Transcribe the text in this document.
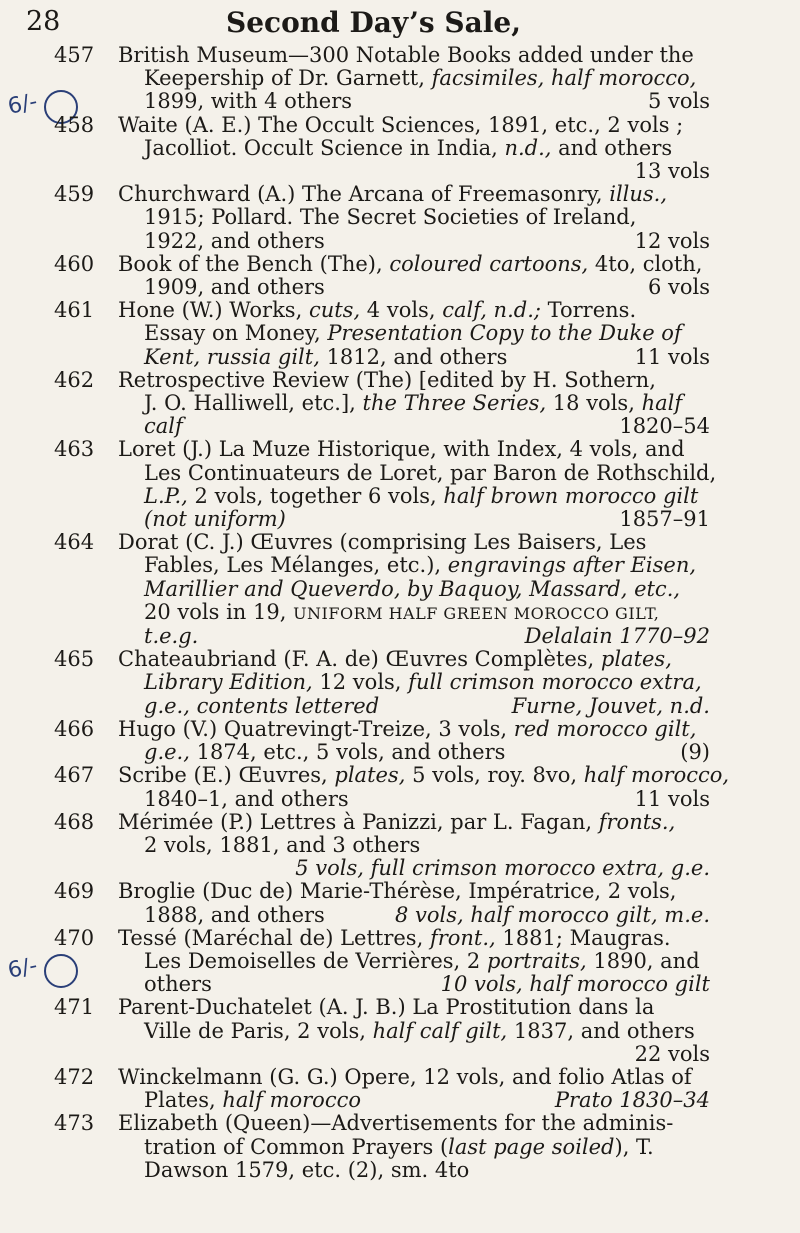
28	Second Day’s Sale,
6/-
6/-
457 British Museum—300 Notable Books added under the
Keepership of Dr. Garnett, facsimiles, half morocco,
1899, with 4 others	5 vols
458 Waite (A. E.) The Occult Sciences, 1891, etc., 2 vols ;
Jacolliot. Occult Science in India, n.d., and others
13 vols
459 Churchward (A.) The Arcana of Freemasonry, illus.,
1915; Pollard. The Secret Societies of Ireland,
1922, and others	12 vols
460 Book of the Bench (The), coloured cartoons, 4to, cloth,
1909, and others	6 vols
461 Hone (W.) Works, cuts, 4 vols, calf, n.d.; Torrens.
Essay on Money, Presentation Copy to the Duke of
Kent, russia gilt, 1812, and others	11 vols
462 Retrospective Review (The) [edited by H. Sothern,
J. O. Halliwell, etc.], the Three Series, 18 vols, half
calf	1820–54
463 Loret (J.) La Muze Historique, with Index, 4 vols, and
Les Continuateurs de Loret, par Baron de Rothschild,
L.P., 2 vols, together 6 vols, half brown morocco gilt
(not uniform)	1857–91
464 Dorat (C. J.) Œuvres (comprising Les Baisers, Les
Fables, Les Mélanges, etc.), engravings after Eisen,
Marillier and Queverdo, by Baquoy, Massard, etc.,
20 vols in 19, UNIFORM HALF GREEN MOROCCO GILT,
t.e.g.	Delalain 1770–92
465 Chateaubriand (F. A. de) Œuvres Complètes, plates,
Library Edition, 12 vols, full crimson morocco extra,
g.e., contents lettered	Furne, Jouvet, n.d.
466 Hugo (V.) Quatrevingt-Treize, 3 vols, red morocco gilt,
g.e., 1874, etc., 5 vols, and others	(9)
467 Scribe (E.) Œuvres, plates, 5 vols, roy. 8vo, half morocco,
1840–1, and others	11 vols
468 Mérimée (P.) Lettres à Panizzi, par L. Fagan, fronts.,
2 vols, 1881, and 3 others
5 vols, full crimson morocco extra, g.e.
469 Broglie (Duc de) Marie-Thérèse, Impératrice, 2 vols,
1888, and others	8 vols, half morocco gilt, m.e.
470 Tessé (Maréchal de) Lettres, front., 1881; Maugras.
Les Demoiselles de Verrières, 2 portraits, 1890, and
others	10 vols, half morocco gilt
471 Parent-Duchatelet (A. J. B.) La Prostitution dans la
Ville de Paris, 2 vols, half calf gilt, 1837, and others
22 vols
472 Winckelmann (G. G.) Opere, 12 vols, and folio Atlas of
Plates, half morocco	Prato 1830–34
473 Elizabeth (Queen)—Advertisements for the adminis-
tration of Common Prayers (last page soiled), T.
Dawson 1579, etc. (2), sm. 4to
